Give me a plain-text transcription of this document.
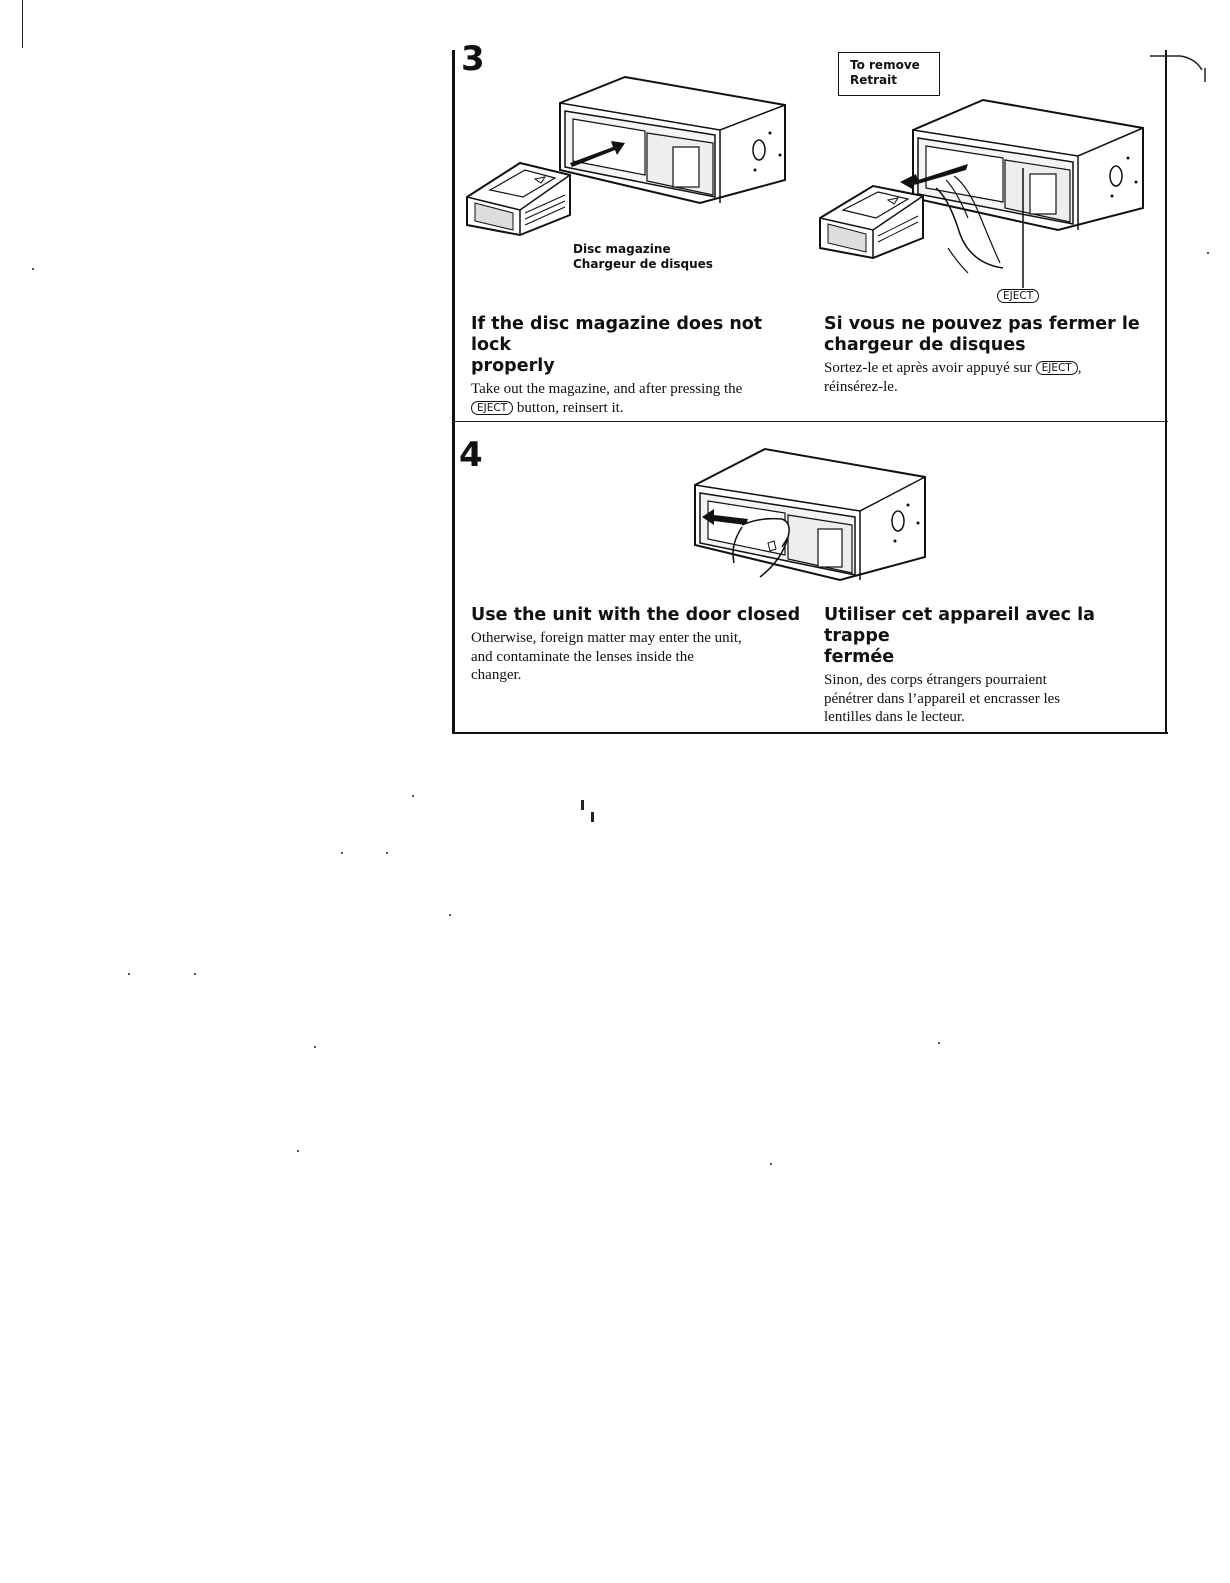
3
Disc magazine
Chargeur de disques
To remove
Retrait
EJECT
If the disc magazine does not lock
properly
Take out the magazine, and after pressing the
EJECT button, reinsert it.
Si vous ne pouvez pas fermer le
chargeur de disques
Sortez-le et après avoir appuyé sur EJECT ,
réinsérez-le.
4
Use the unit with the door closed
Otherwise, foreign matter may enter the unit,
and contaminate the lenses inside the
changer.
Utiliser cet appareil avec la trappe
fermée
Sinon, des corps étrangers pourraient
pénétrer dans l’appareil et encrasser les
lentilles dans le lecteur.
